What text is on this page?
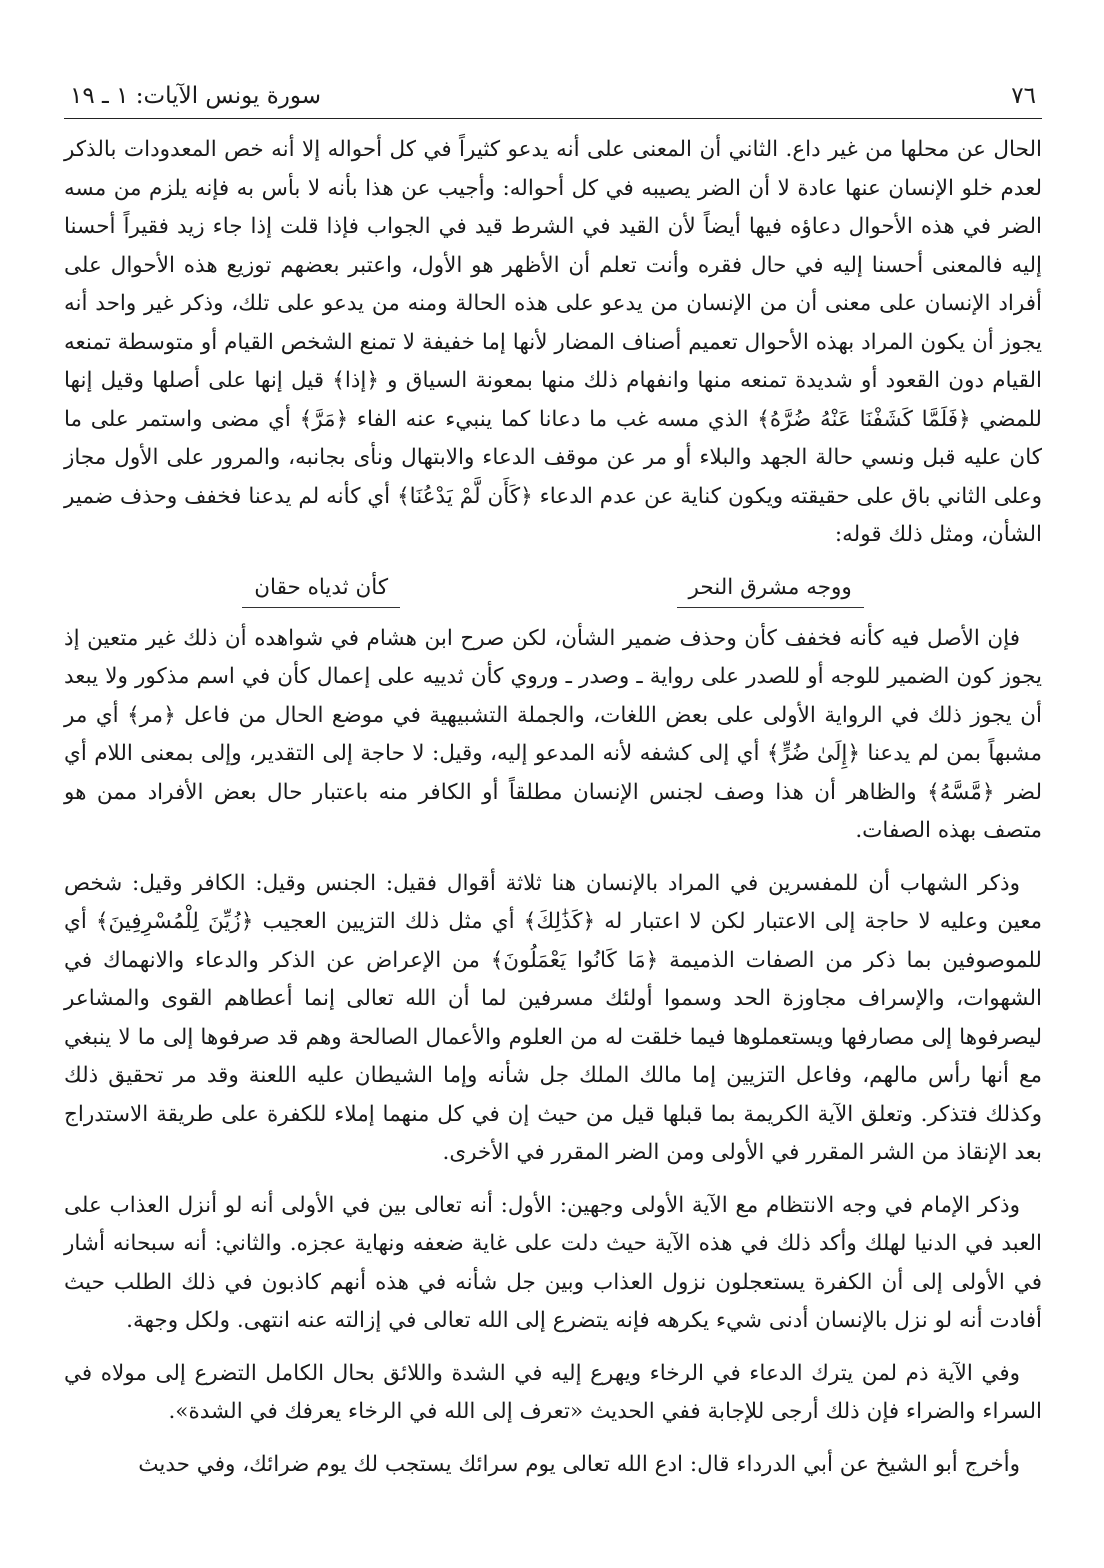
٧٦
سورة يونس الآيات: ١ ـ ١٩

الحال عن محلها من غير داع. الثاني أن المعنى على أنه يدعو كثيراً في كل أحواله إلا أنه خص المعدودات بالذكر لعدم خلو الإنسان عنها عادة لا أن الضر يصيبه في كل أحواله: وأجيب عن هذا بأنه لا بأس به فإنه يلزم من مسه الضر في هذه الأحوال دعاؤه فيها أيضاً لأن القيد في الشرط قيد في الجواب فإذا قلت إذا جاء زيد فقيراً أحسنا إليه فالمعنى أحسنا إليه في حال فقره وأنت تعلم أن الأظهر هو الأول، واعتبر بعضهم توزيع هذه الأحوال على أفراد الإنسان على معنى أن من الإنسان من يدعو على هذه الحالة ومنه من يدعو على تلك، وذكر غير واحد أنه يجوز أن يكون المراد بهذه الأحوال تعميم أصناف المضار لأنها إما خفيفة لا تمنع الشخص القيام أو متوسطة تمنعه القيام دون القعود أو شديدة تمنعه منها وانفهام ذلك منها بمعونة السياق و ﴿إذا﴾ قيل إنها على أصلها وقيل إنها للمضي ﴿فَلَمَّا كَشَفْنَا عَنْهُ ضُرَّهُ﴾ الذي مسه غب ما دعانا كما ينبيء عنه الفاء ﴿مَرَّ﴾ أي مضى واستمر على ما كان عليه قبل ونسي حالة الجهد والبلاء أو مر عن موقف الدعاء والابتهال ونأى بجانبه، والمرور على الأول مجاز وعلى الثاني باق على حقيقته ويكون كناية عن عدم الدعاء ﴿كَأَن لَّمْ يَدْعُنَا﴾ أي كأنه لم يدعنا فخفف وحذف ضمير الشأن، ومثل ذلك قوله:

ووجه مشرق النحر
كأن ثدياه حقان

فإن الأصل فيه كأنه فخفف كأن وحذف ضمير الشأن، لكن صرح ابن هشام في شواهده أن ذلك غير متعين إذ يجوز كون الضمير للوجه أو للصدر على رواية ـ وصدر ـ وروي كأن ثدييه على إعمال كأن في اسم مذكور ولا يبعد أن يجوز ذلك في الرواية الأولى على بعض اللغات، والجملة التشبيهية في موضع الحال من فاعل ﴿مر﴾ أي مر مشبهاً بمن لم يدعنا ﴿إِلَىٰ ضُرٍّ﴾ أي إلى كشفه لأنه المدعو إليه، وقيل: لا حاجة إلى التقدير، وإلى بمعنى اللام أي لضر ﴿مَّسَّهُ﴾ والظاهر أن هذا وصف لجنس الإنسان مطلقاً أو الكافر منه باعتبار حال بعض الأفراد ممن هو متصف بهذه الصفات.

وذكر الشهاب أن للمفسرين في المراد بالإنسان هنا ثلاثة أقوال فقيل: الجنس وقيل: الكافر وقيل: شخص معين وعليه لا حاجة إلى الاعتبار لكن لا اعتبار له ﴿كَذَٰلِكَ﴾ أي مثل ذلك التزيين العجيب ﴿زُيِّنَ لِلْمُسْرِفِينَ﴾ أي للموصوفين بما ذكر من الصفات الذميمة ﴿مَا كَانُوا يَعْمَلُونَ﴾ من الإعراض عن الذكر والدعاء والانهماك في الشهوات، والإسراف مجاوزة الحد وسموا أولئك مسرفين لما أن الله تعالى إنما أعطاهم القوى والمشاعر ليصرفوها إلى مصارفها ويستعملوها فيما خلقت له من العلوم والأعمال الصالحة وهم قد صرفوها إلى ما لا ينبغي مع أنها رأس مالهم، وفاعل التزيين إما مالك الملك جل شأنه وإما الشيطان عليه اللعنة وقد مر تحقيق ذلك وكذلك فتذكر. وتعلق الآية الكريمة بما قبلها قيل من حيث إن في كل منهما إملاء للكفرة على طريقة الاستدراج بعد الإنقاذ من الشر المقرر في الأولى ومن الضر المقرر في الأخرى.

وذكر الإمام في وجه الانتظام مع الآية الأولى وجهين: الأول: أنه تعالى بين في الأولى أنه لو أنزل العذاب على العبد في الدنيا لهلك وأكد ذلك في هذه الآية حيث دلت على غاية ضعفه ونهاية عجزه. والثاني: أنه سبحانه أشار في الأولى إلى أن الكفرة يستعجلون نزول العذاب وبين جل شأنه في هذه أنهم كاذبون في ذلك الطلب حيث أفادت أنه لو نزل بالإنسان أدنى شيء يكرهه فإنه يتضرع إلى الله تعالى في إزالته عنه انتهى. ولكل وجهة.

وفي الآية ذم لمن يترك الدعاء في الرخاء ويهرع إليه في الشدة واللائق بحال الكامل التضرع إلى مولاه في السراء والضراء فإن ذلك أرجى للإجابة ففي الحديث «تعرف إلى الله في الرخاء يعرفك في الشدة».

وأخرج أبو الشيخ عن أبي الدرداء قال: ادع الله تعالى يوم سرائك يستجب لك يوم ضرائك، وفي حديث
